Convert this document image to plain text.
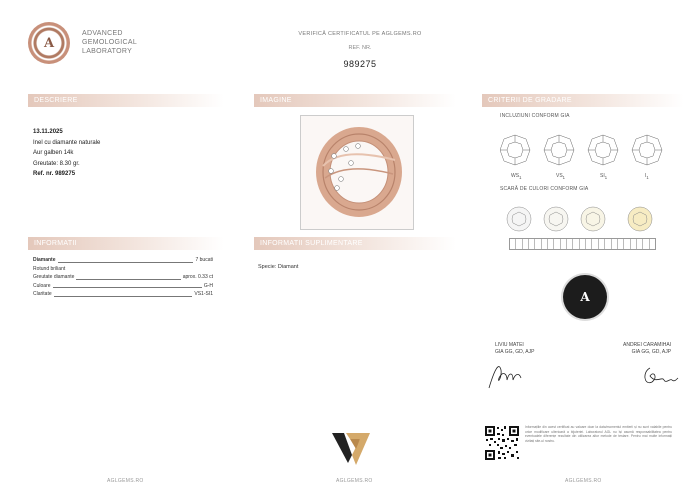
A
ADVANCED
GEMOLOGICAL
LABORATORY
VERIFICĂ CERTIFICATUL PE AGLGEMS.RO
REF. NR.
989275
DESCRIERE	IMAGINE	CRITERII DE GRADARE
INFORMATII	INFORMATII SUPLIMENTARE
13.11.2025
Inel cu diamante naturale
Aur galben 14k
Greutate: 8.30 gr.
Ref. nr. 989275
INCLUZIUNI CONFORM GIA
$WS_1$	$VS_1$	$SI_1$	$I_1$
SCARĂ DE CULORI CONFORM GIA
Diamante	7 bucati
Rotund briliant
Greutate diamante	aprox. 0.33 ct
Culoare	G-H
Claritate	VS1-SI1
Specie: Diamant
A
LIVIU MATEI
GIA GG, GD, AJP
ANDREI CARAMIHAI
GIA GG, GD, AJP
Informațiile din acest certificat au valoare doar la data/momentul emiterii și nu sunt valabile pentru orice modificare ulterioară a bijuteriei. Laboratorul AGL nu își asumă responsabilitatea pentru eventualele diferențe rezultate din utilizarea altor metode de testare. Pentru mai multe informații vizitați site-ul nostru.
AGLGEMS.RO	AGLGEMS.RO	AGLGEMS.RO
